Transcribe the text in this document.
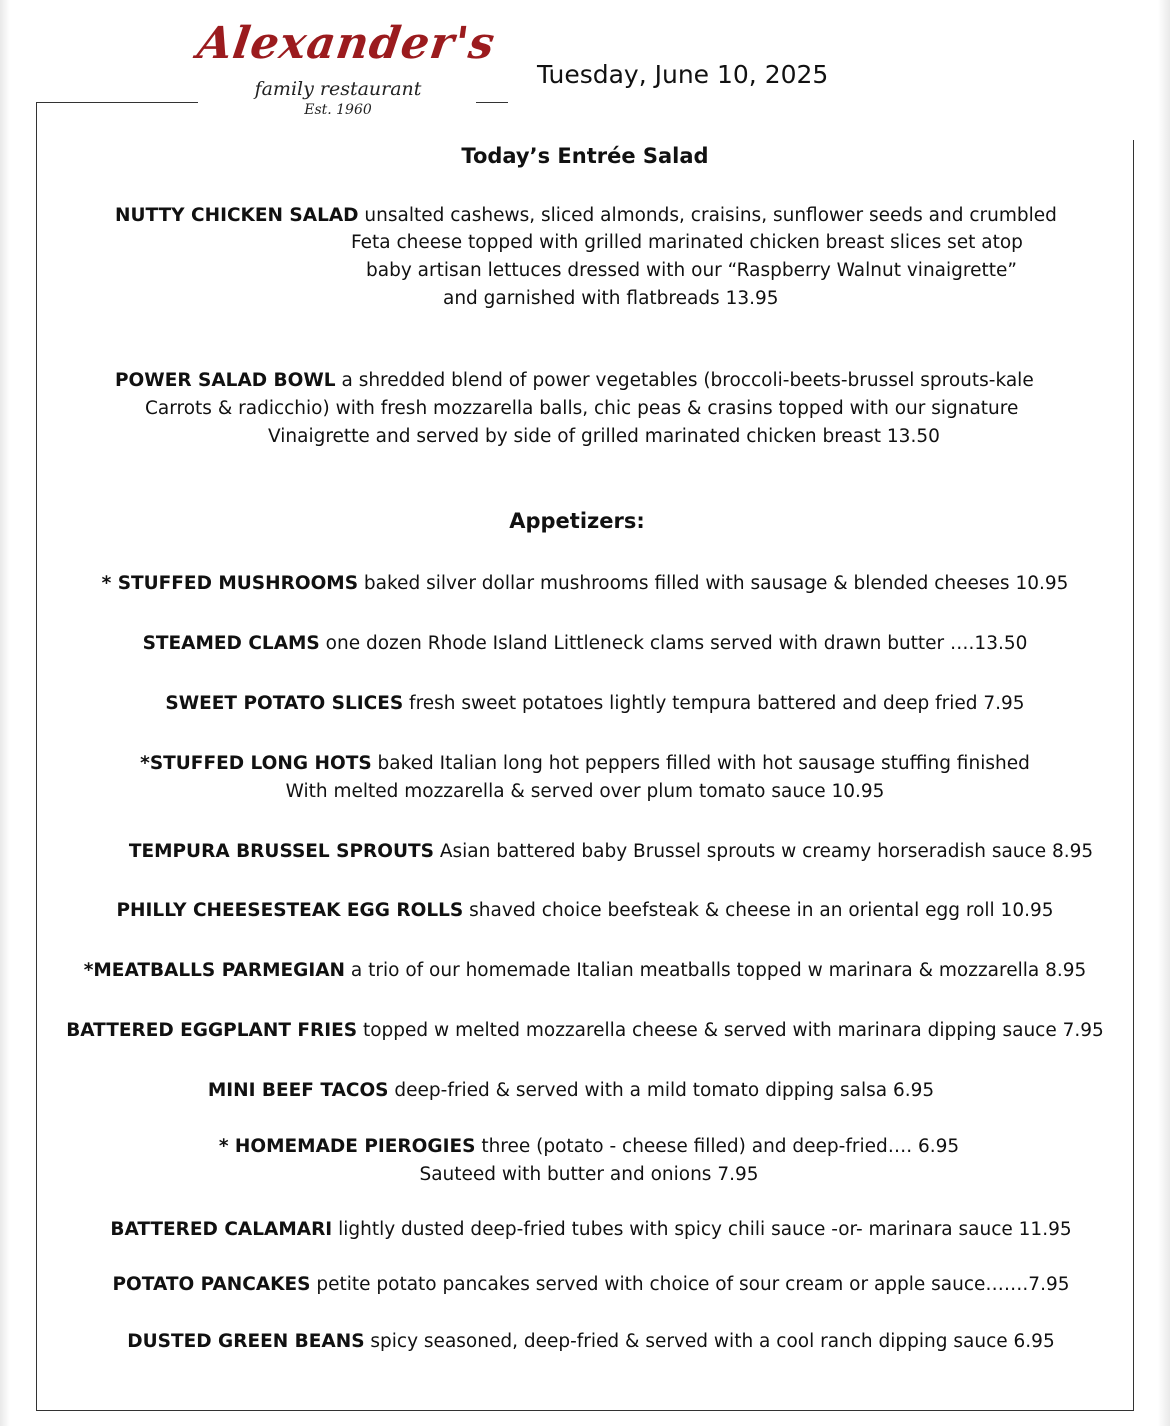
Alexander's
family restaurant
Est. 1960
Tuesday, June 10, 2025
Today’s Entrée Salad
NUTTY CHICKEN SALAD unsalted cashews, sliced almonds, craisins, sunflower seeds and crumbled
Feta cheese topped with grilled marinated chicken breast slices set atop
baby artisan lettuces dressed with our “Raspberry Walnut vinaigrette”
and garnished with flatbreads 13.95
POWER SALAD BOWL a shredded blend of power vegetables (broccoli-beets-brussel sprouts-kale
Carrots & radicchio) with fresh mozzarella balls, chic peas & crasins topped with our signature
Vinaigrette and served by side of grilled marinated chicken breast 13.50
Appetizers:
* STUFFED MUSHROOMS baked silver dollar mushrooms filled with sausage & blended cheeses 10.95
STEAMED CLAMS one dozen Rhode Island Littleneck clams served with drawn butter ….13.50
SWEET POTATO SLICES fresh sweet potatoes lightly tempura battered and deep fried 7.95
*STUFFED LONG HOTS baked Italian long hot peppers filled with hot sausage stuffing finished
With melted mozzarella & served over plum tomato sauce 10.95
TEMPURA BRUSSEL SPROUTS Asian battered baby Brussel sprouts w creamy horseradish sauce 8.95
PHILLY CHEESESTEAK EGG ROLLS shaved choice beefsteak & cheese in an oriental egg roll 10.95
*MEATBALLS PARMEGIAN a trio of our homemade Italian meatballs topped w marinara & mozzarella 8.95
BATTERED EGGPLANT FRIES topped w melted mozzarella cheese & served with marinara dipping sauce 7.95
MINI BEEF TACOS deep-fried & served with a mild tomato dipping salsa 6.95
* HOMEMADE PIEROGIES three (potato - cheese filled) and deep-fried…. 6.95
Sauteed with butter and onions 7.95
BATTERED CALAMARI lightly dusted deep-fried tubes with spicy chili sauce -or- marinara sauce 11.95
POTATO PANCAKES petite potato pancakes served with choice of sour cream or apple sauce…….7.95
DUSTED GREEN BEANS spicy seasoned, deep-fried & served with a cool ranch dipping sauce 6.95
